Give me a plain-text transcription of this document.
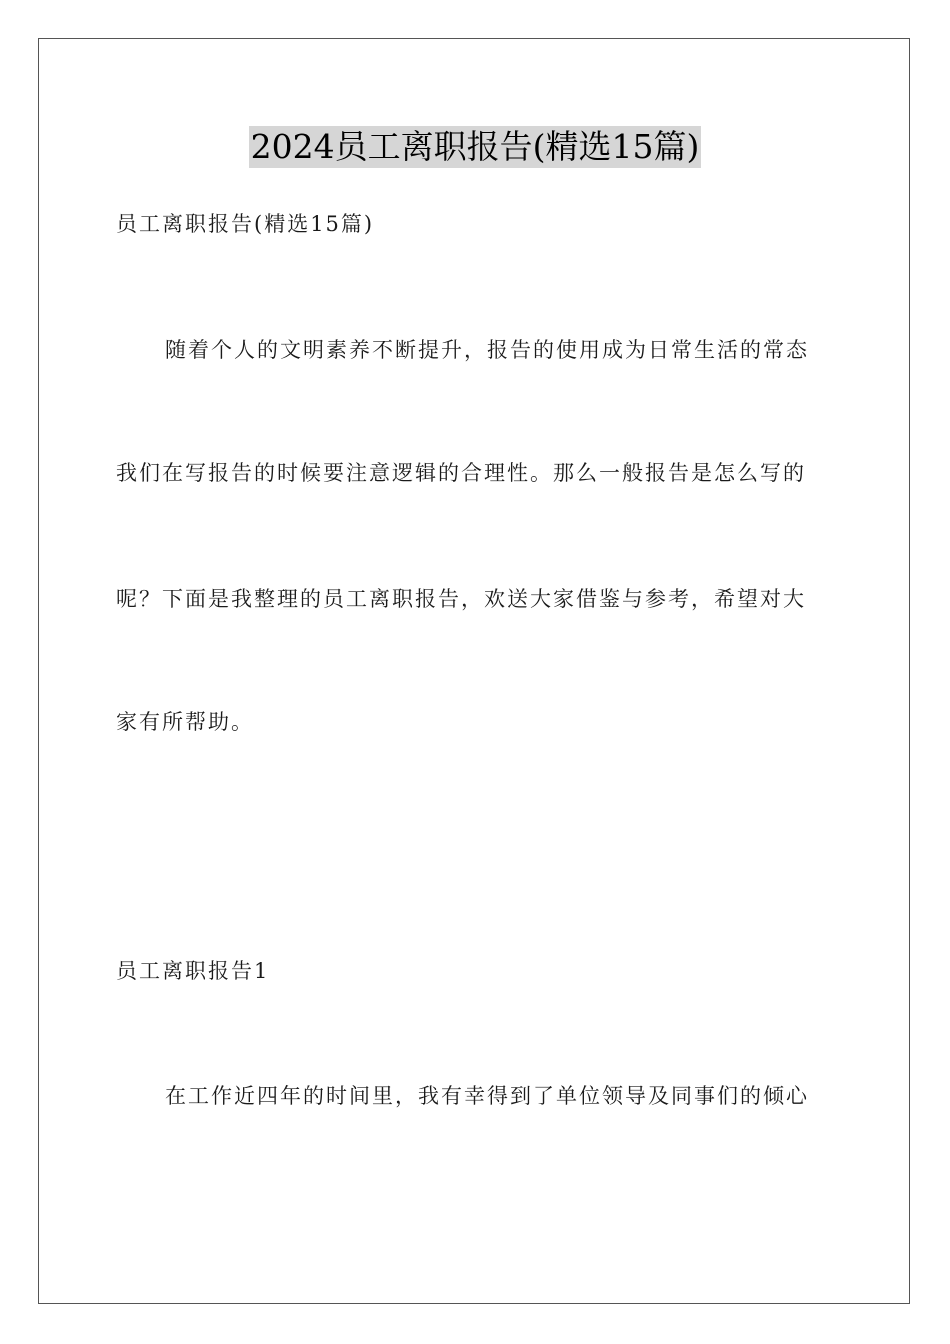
2024员工离职报告(精选15篇)
员工离职报告(精选15篇)
随着个人的文明素养不断提升，报告的使用成为日常生活的常态
我们在写报告的时候要注意逻辑的合理性。那么一般报告是怎么写的
呢？下面是我整理的员工离职报告，欢送大家借鉴与参考，希望对大
家有所帮助。
员工离职报告1
在工作近四年的时间里，我有幸得到了单位领导及同事们的倾心
